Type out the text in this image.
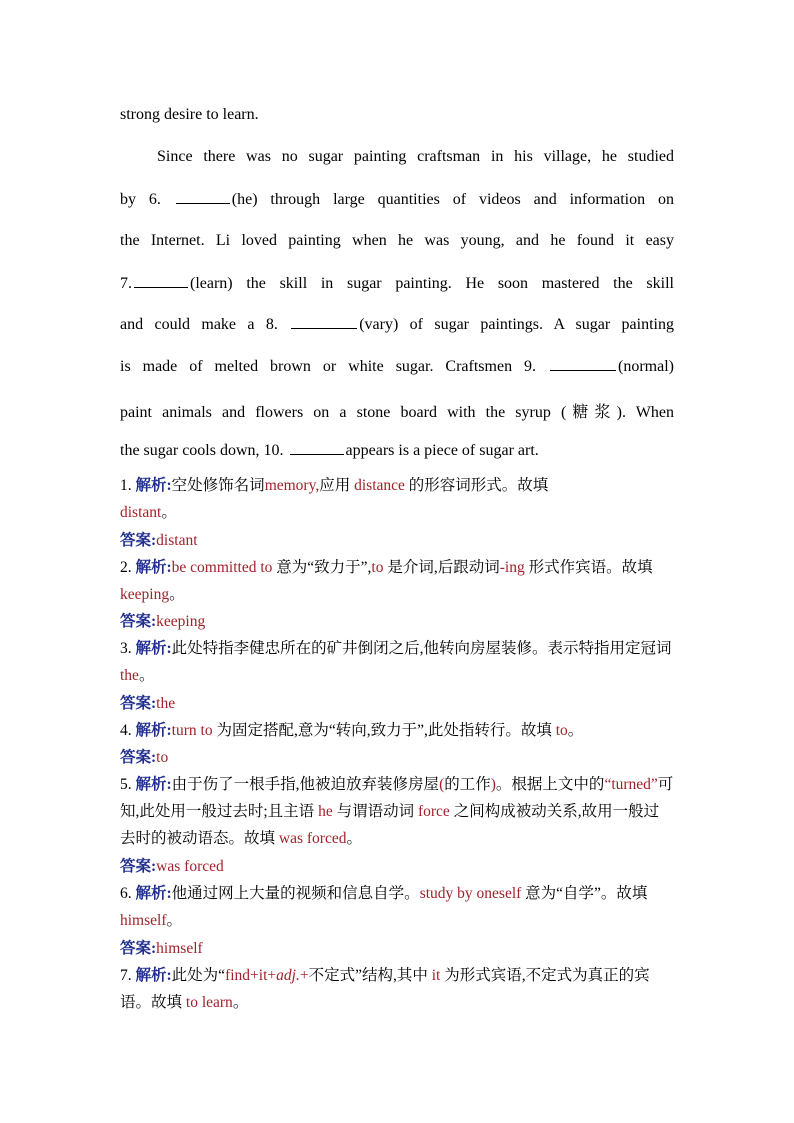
strong desire to learn.
Since there was no sugar painting craftsman in his village, he studied
by 6.	(he) through large quantities of videos and information on
the Internet. Li loved painting when he was young, and he found it easy
7.	(learn) the skill in sugar painting. He soon mastered the skill
and could make a 8.	(vary) of sugar paintings. A sugar painting
is made of melted brown or white sugar. Craftsmen 9.	(normal)
paint animals and flowers on a stone board with the syrup (糖浆). When
the sugar cools down, 10.	appears is a piece of sugar art.
1. 解析:空处修饰名词memory,应用 distance 的形容词形式。故填
distant。
答案:distant
2. 解析:be committed to 意为“致力于”,to 是介词,后跟动词-ing 形式作宾语。故填 keeping。
答案:keeping
3. 解析:此处特指李健忠所在的矿井倒闭之后,他转向房屋装修。表示特指用定冠词 the。
答案:the
4. 解析:turn to 为固定搭配,意为“转向,致力于”,此处指转行。故填 to。
答案:to
5. 解析:由于伤了一根手指,他被迫放弃装修房屋(的工作)。根据上文中的“turned”可知,此处用一般过去时;且主语 he 与谓语动词 force 之间构成被动关系,故用一般过去时的被动语态。故填 was forced。
答案:was forced
6. 解析:他通过网上大量的视频和信息自学。study by oneself 意为“自学”。故填 himself。
答案:himself
7. 解析:此处为“find+it+adj.+不定式”结构,其中 it 为形式宾语,不定式为真正的宾语。故填 to learn。
